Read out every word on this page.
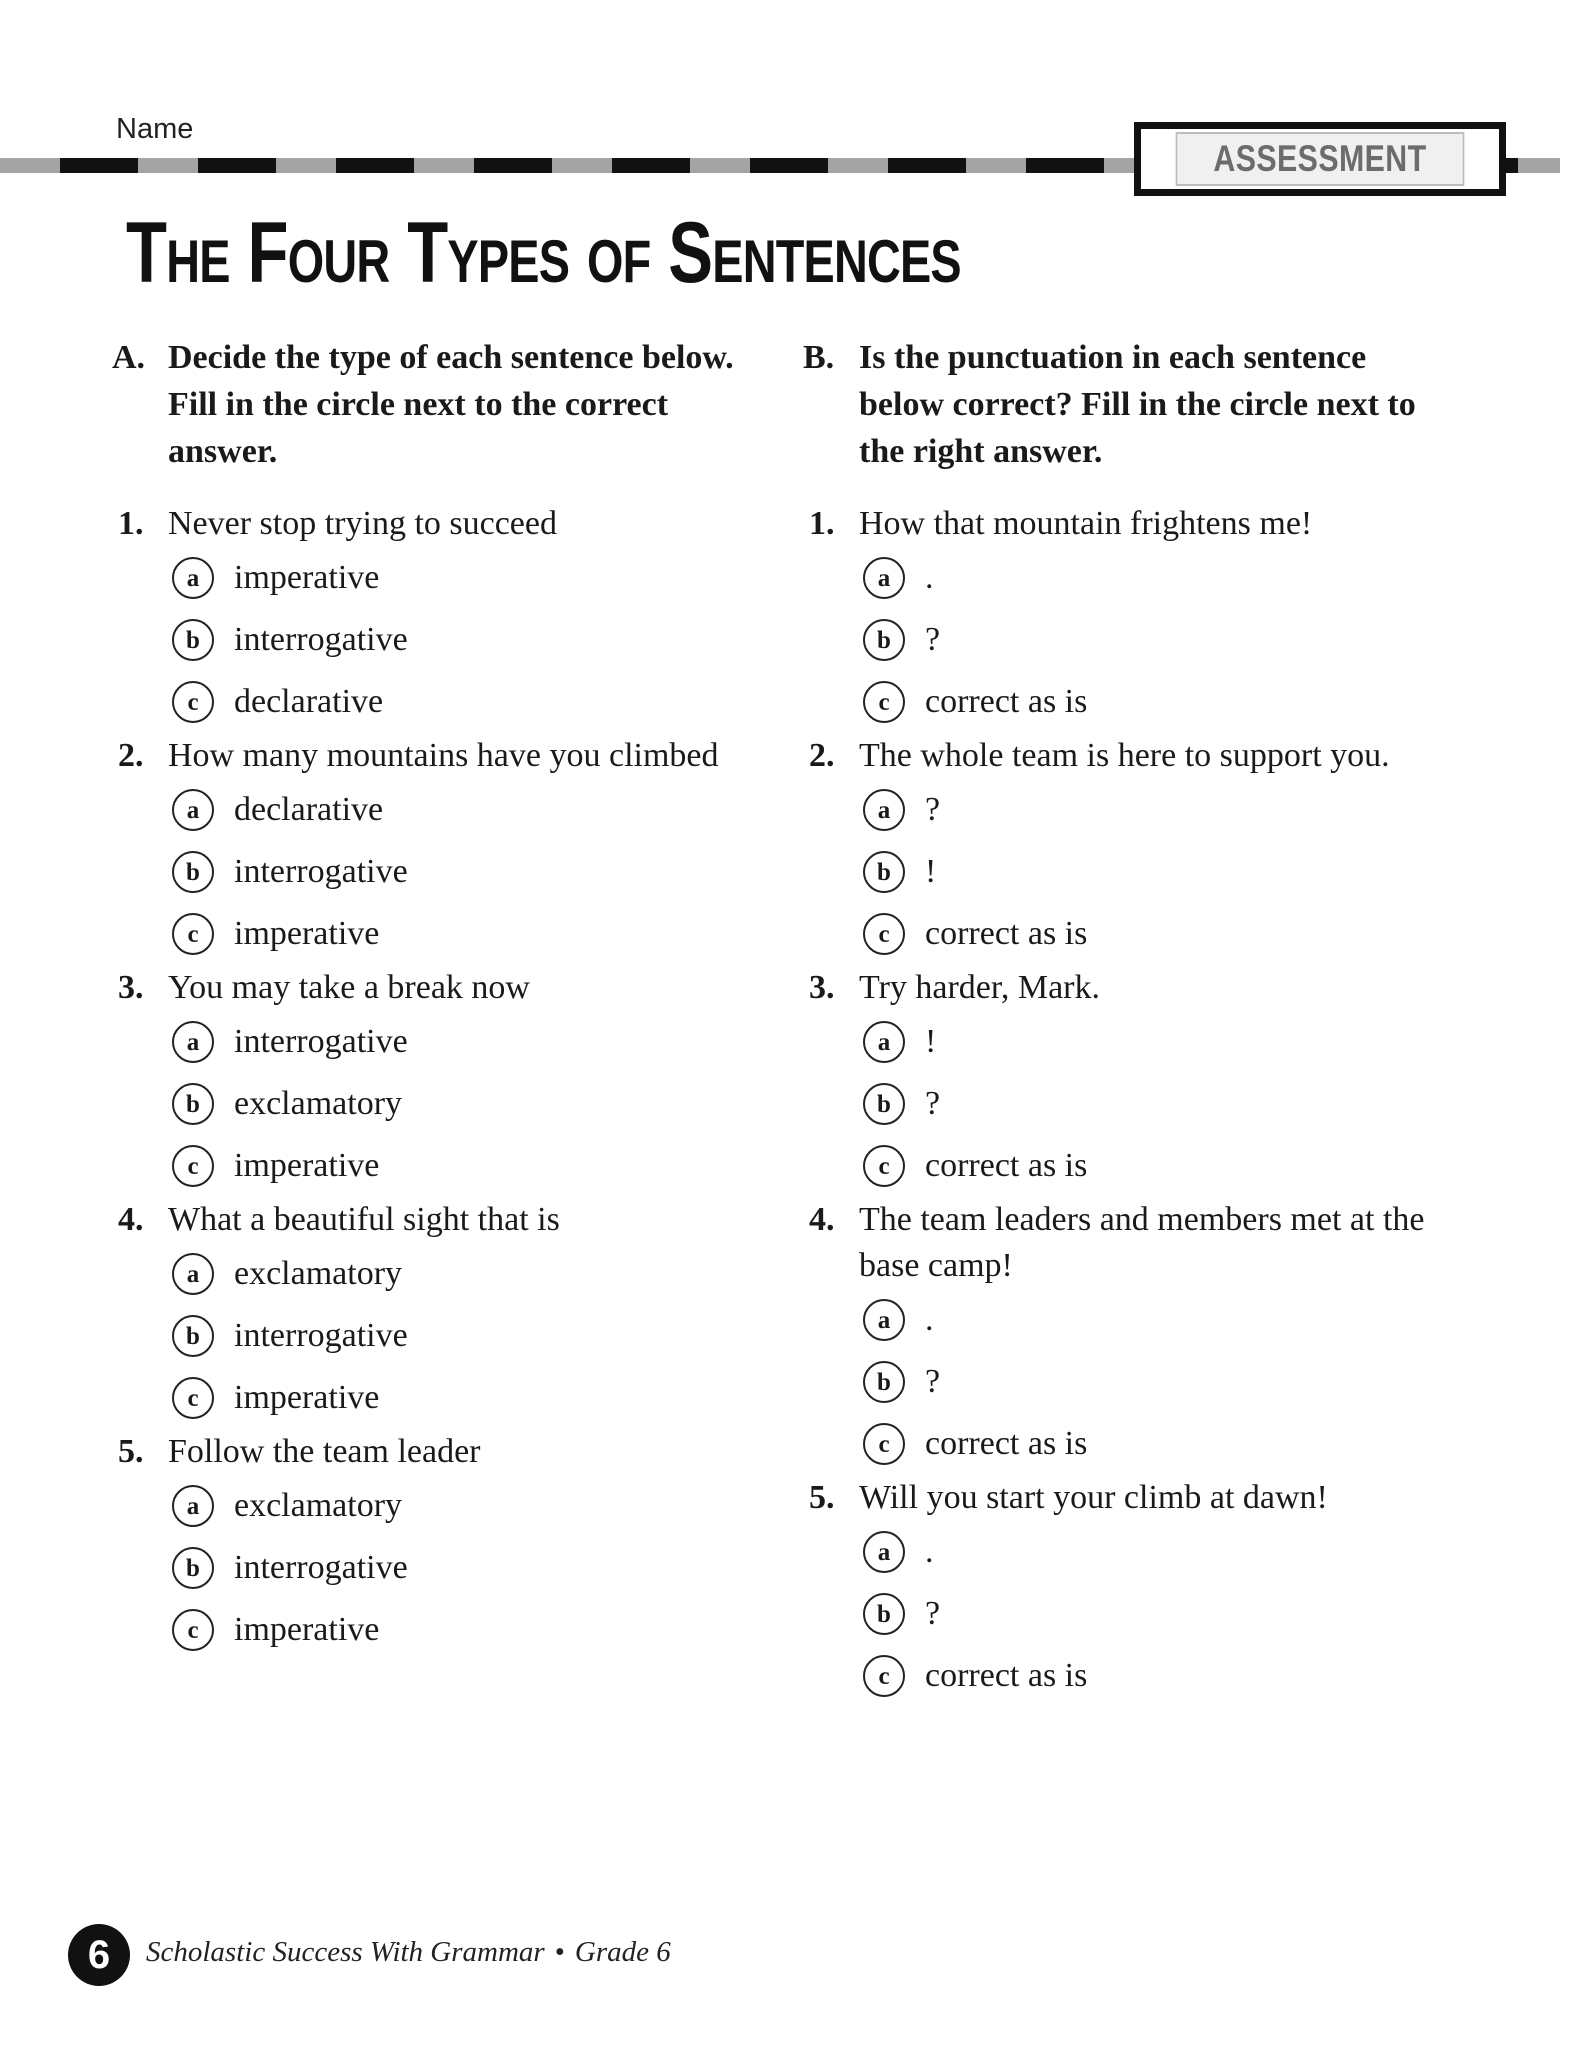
Name
ASSESSMENT
The Four Types of Sentences
A. Decide the type of each sentence below. Fill in the circle next to the correct answer.
1. Never stop trying to succeed
a	imperative
b	interrogative
c	declarative
2. How many mountains have you climbed
a	declarative
b	interrogative
c	imperative
3. You may take a break now
a	interrogative
b	exclamatory
c	imperative
4. What a beautiful sight that is
a	exclamatory
b	interrogative
c	imperative
5. Follow the team leader
a	exclamatory
b	interrogative
c	imperative
B. Is the punctuation in each sentence below correct? Fill in the circle next to the right answer.
1. How that mountain frightens me!
a	.
b	?
c	correct as is
2. The whole team is here to support you.
a	?
b	!
c	correct as is
3. Try harder, Mark.
a	!
b	?
c	correct as is
4. The team leaders and members met at the base camp!
a	.
b	?
c	correct as is
5. Will you start your climb at dawn!
a	.
b	?
c	correct as is
6	Scholastic Success With Grammar • Grade 6
